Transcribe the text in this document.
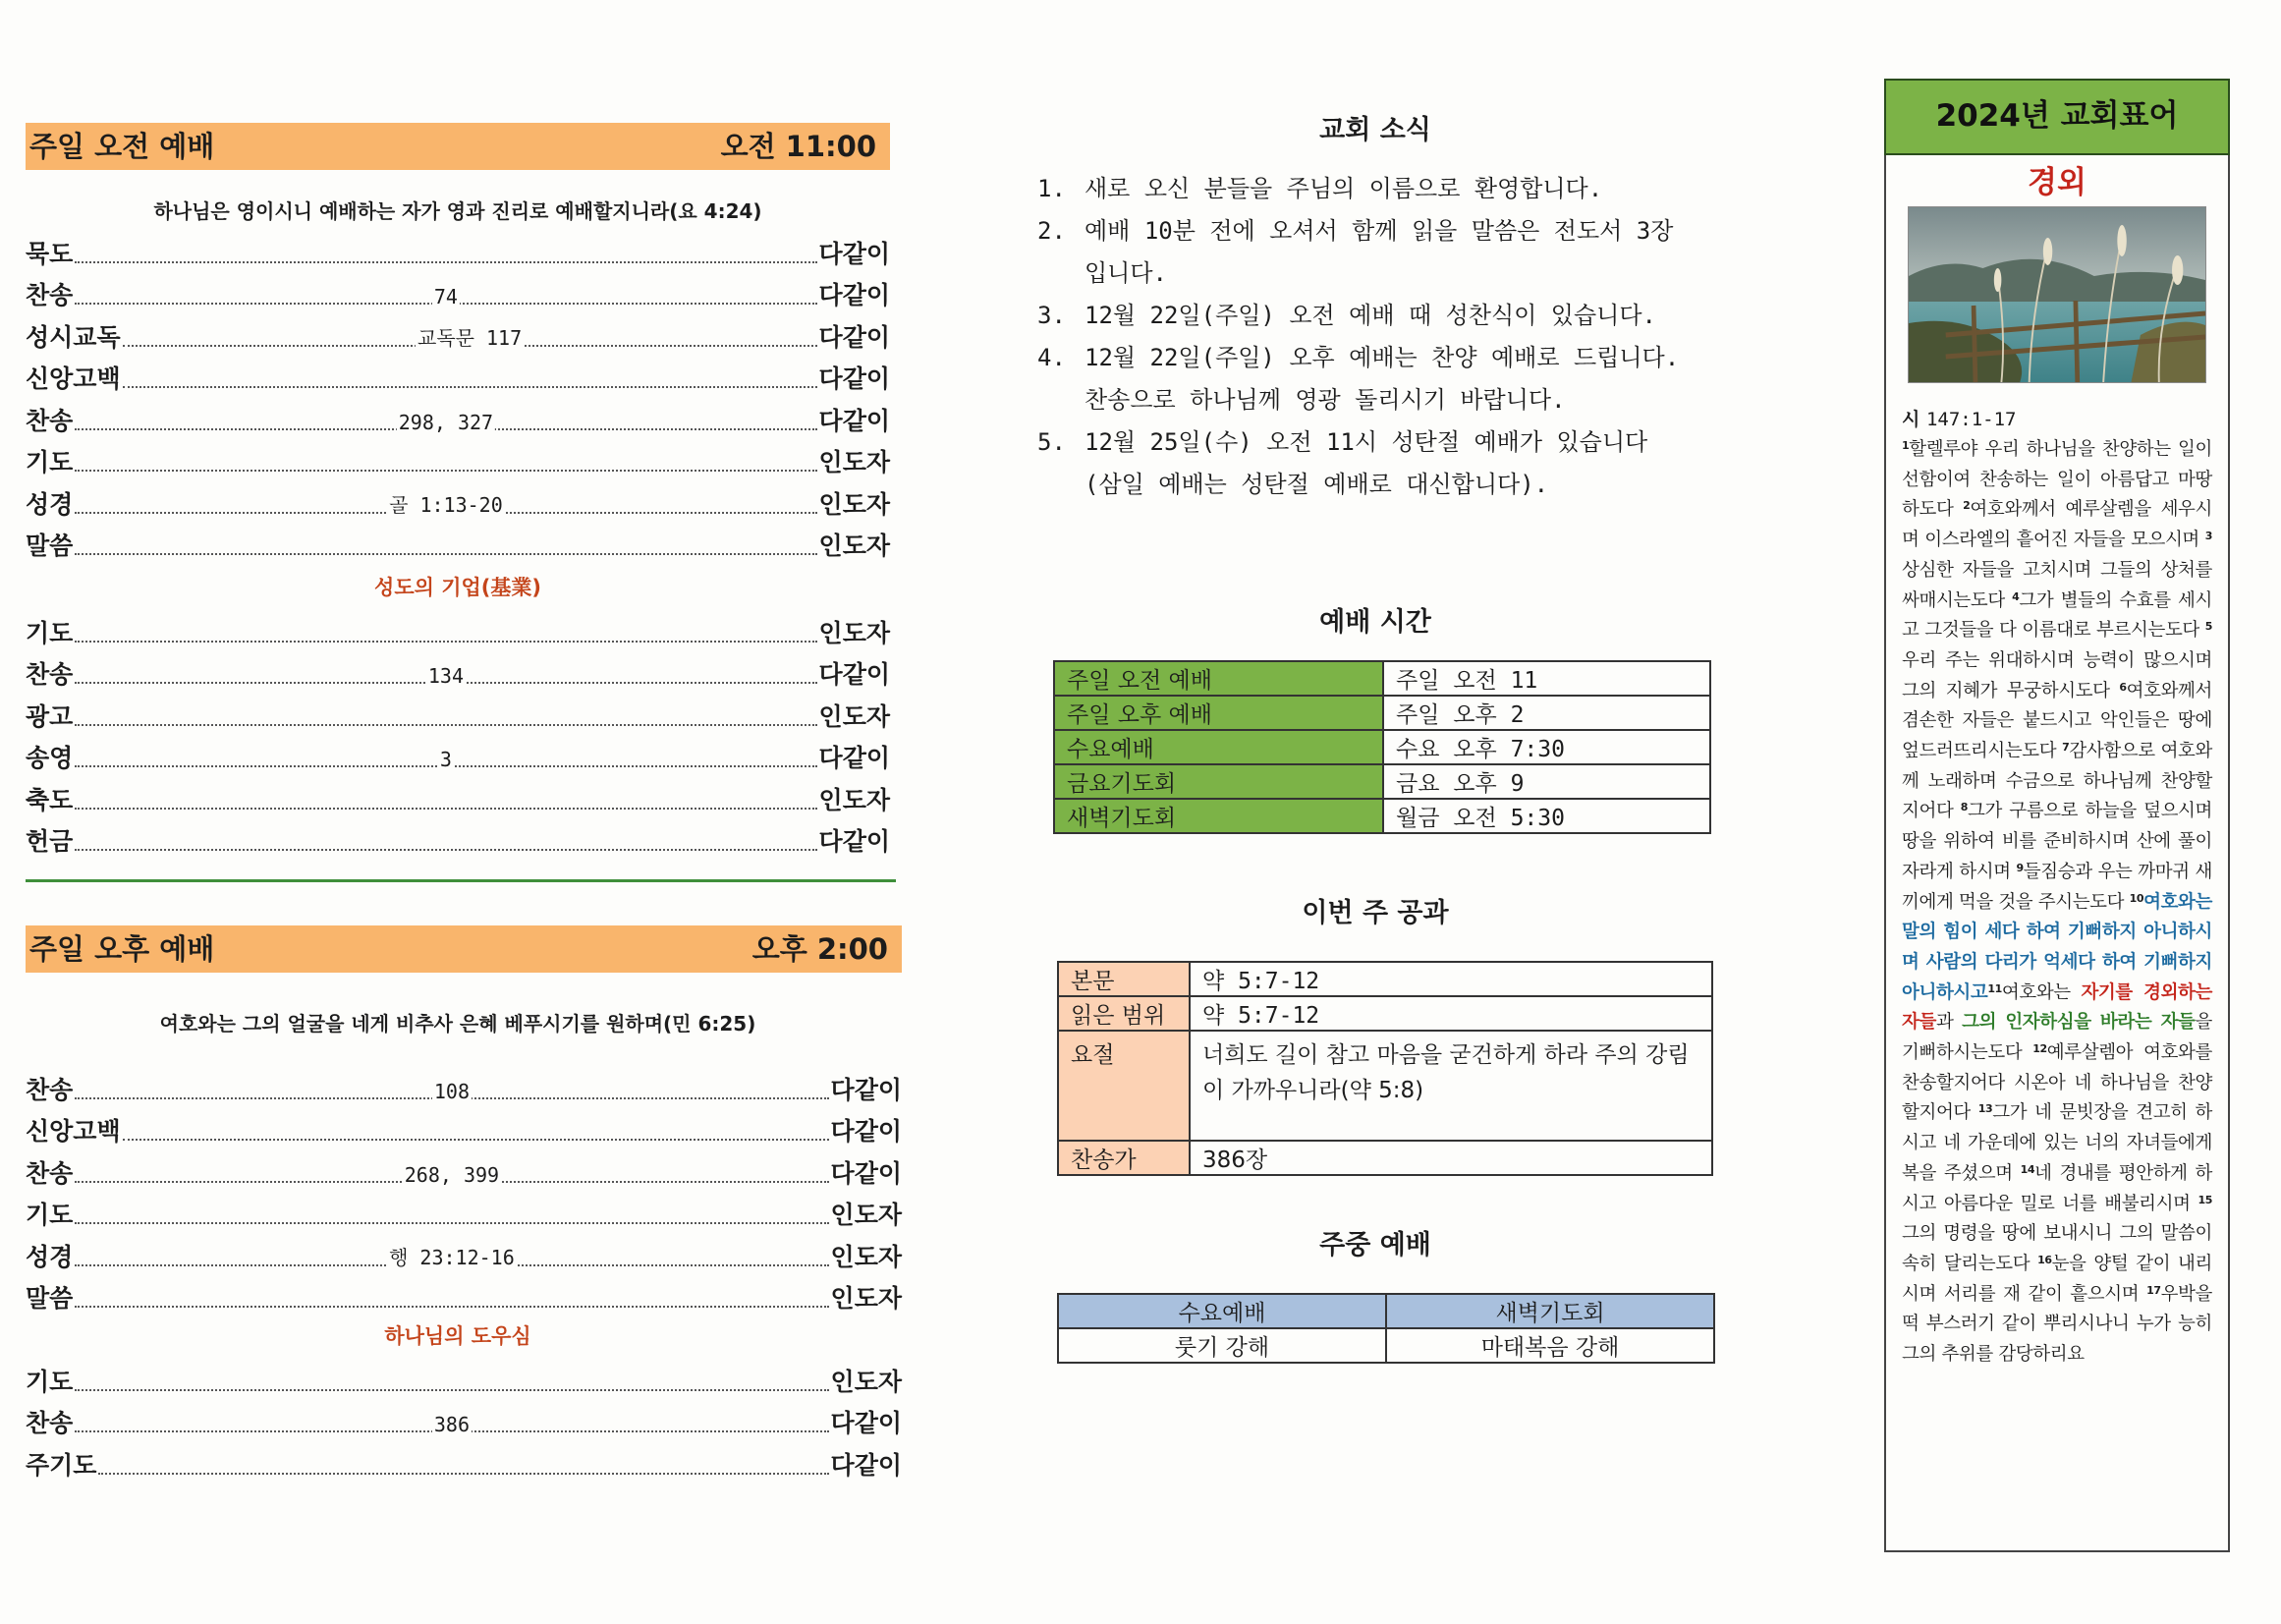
주일 오전 예배	오전 11:00

하나님은 영이시니 예배하는 자가 영과 진리로 예배할지니라(요 4:24)

묵도	다같이
찬송	74	다같이
성시교독	교독문 117	다같이
신앙고백	다같이
찬송	298, 327	다같이
기도	인도자
성경	골 1:13-20	인도자
말씀	인도자
성도의 기업(基業)
기도	인도자
찬송	134	다같이
광고	인도자
송영	3	다같이
축도	인도자
헌금	다같이
주일 오후 예배	오후 2:00

여호와는 그의 얼굴을 네게 비추사 은혜 베푸시기를 원하며(민 6:25)

찬송	108	다같이
신앙고백	다같이
찬송	268, 399	다같이
기도	인도자
성경	행 23:12-16	인도자
말씀	인도자
하나님의 도우심
기도	인도자
찬송	386	다같이
주기도	다같이
교회 소식
1. 새로 오신 분들을 주님의 이름으로 환영합니다.
2. 예배 10분 전에 오셔서 함께 읽을 말씀은 전도서 3장
입니다.
3. 12월 22일(주일) 오전 예배 때 성찬식이 있습니다.
4. 12월 22일(주일) 오후 예배는 찬양 예배로 드립니다.
찬송으로 하나님께 영광 돌리시기 바랍니다.
5. 12월 25일(수) 오전 11시 성탄절 예배가 있습니다
(삼일 예배는 성탄절 예배로 대신합니다).
예배 시간
주일 오전 예배	주일 오전 11
주일 오후 예배	주일 오후 2
수요예배	수요 오후 7:30
금요기도회	금요 오후 9
새벽기도회	월금 오전 5:30
이번 주 공과
본문	약 5:7-12
읽은 범위	약 5:7-12
요절	너희도 길이 참고 마음을 굳건하게 하라 주의 강림이 가까우니라(약 5:8)
찬송가	386장
주중 예배
수요예배	새벽기도회
룻기 강해	마태복음 강해
2024년 교회표어
경외
시 147:1-17

$^1$할렐루야 우리 하나님을 찬양하는 일이 선함이여 찬송하는 일이 아름답고 마땅하도다 $^2$여호와께서 예루살렘을 세우시며 이스라엘의 흩어진 자들을 모으시며 $^3$상심한 자들을 고치시며 그들의 상처를 싸매시는도다 $^4$그가 별들의 수효를 세시고 그것들을 다 이름대로 부르시는도다 $^5$우리 주는 위대하시며 능력이 많으시며 그의 지혜가 무궁하시도다 $^6$여호와께서 겸손한 자들은 붙드시고 악인들은 땅에 엎드러뜨리시는도다 $^7$감사함으로 여호와께 노래하며 수금으로 하나님께 찬양할지어다 $^8$그가 구름으로 하늘을 덮으시며 땅을 위하여 비를 준비하시며 산에 풀이 자라게 하시며 $^9$들짐승과 우는 까마귀 새끼에게 먹을 것을 주시는도다 $^{10}$여호와는 말의 힘이 세다 하여 기뻐하지 아니하시며 사람의 다리가 억세다 하여 기뻐하지 아니하시고$^{11}$여호와는 자기를 경외하는 자들과 그의 인자하심을 바라는 자들을 기뻐하시는도다 $^{12}$예루살렘아 여호와를 찬송할지어다 시온아 네 하나님을 찬양할지어다 $^{13}$그가 네 문빗장을 견고히 하시고 네 가운데에 있는 너의 자녀들에게 복을 주셨으며 $^{14}$네 경내를 평안하게 하시고 아름다운 밀로 너를 배불리시며 $^{15}$그의 명령을 땅에 보내시니 그의 말씀이 속히 달리는도다 $^{16}$눈을 양털 같이 내리시며 서리를 재 같이 흩으시며 $^{17}$우박을 떡 부스러기 같이 뿌리시나니 누가 능히 그의 추위를 감당하리요
